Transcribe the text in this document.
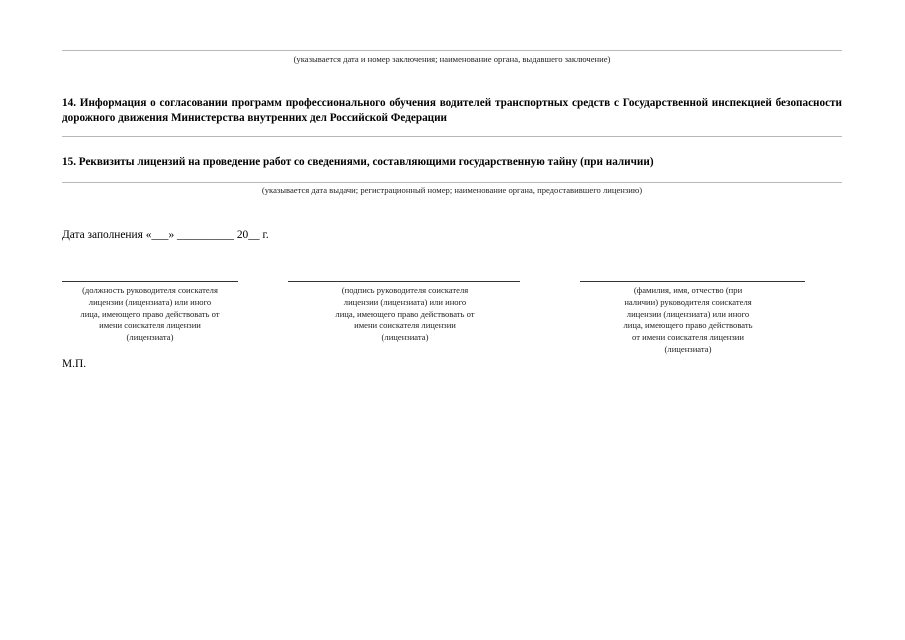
(указывается дата и номер заключения; наименование органа, выдавшего заключение)
14. Информация о согласовании программ профессионального обучения водителей транспортных средств с Государственной инспекцией безопасности дорожного движения Министерства внутренних дел Российской Федерации
15. Реквизиты лицензий на проведение работ со сведениями, составляющими государственную тайну (при наличии)
(указывается дата выдачи; регистрационный номер; наименование органа, предоставившего лицензию)
Дата заполнения «___» __________ 20__ г.
(должность руководителя соискателя
лицензии (лицензиата) или иного
лица, имеющего право действовать от
имени соискателя лицензии
(лицензиата)
(подпись руководителя соискателя
лицензии (лицензиата) или иного
лица, имеющего право действовать от
имени соискателя лицензии
(лицензиата)
(фамилия, имя, отчество (при
наличии) руководителя соискателя
лицензии (лицензиата) или иного
лица, имеющего право действовать
от имени соискателя лицензии
(лицензиата)
М.П.
